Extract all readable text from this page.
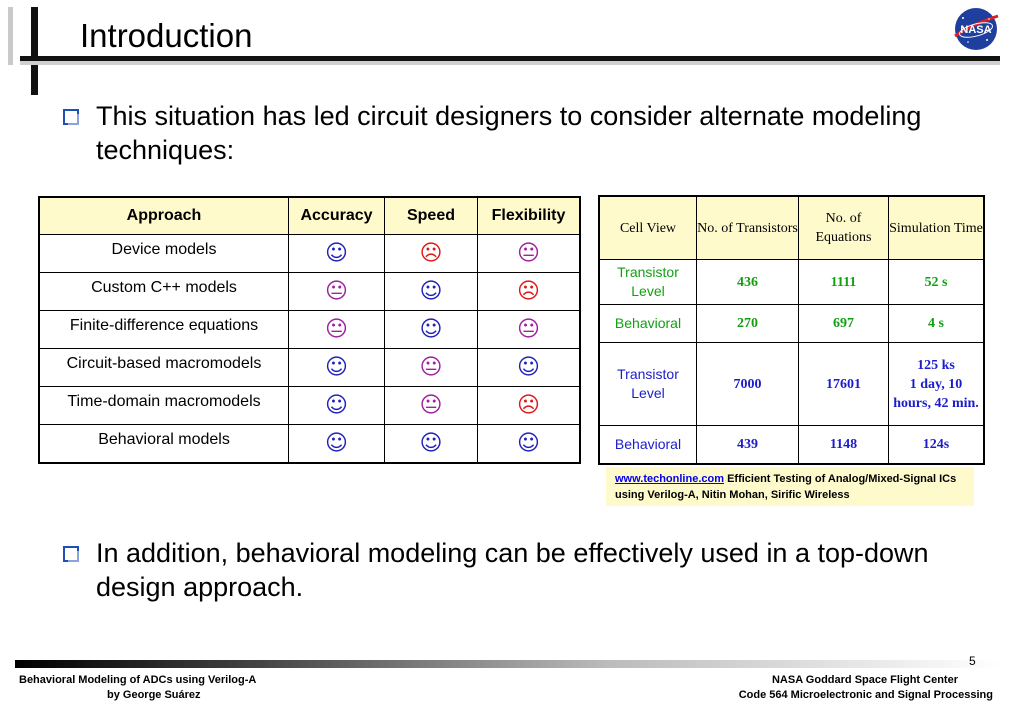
Introduction	NASA
This situation has led circuit designers to consider alternate modeling techniques:
Approach	Accuracy	Speed	Flexibility
Device models	☺	☹	😐
Custom C++ models	😐	☺	☹
Finite-difference equations	😐	☺	😐
Circuit-based macromodels	☺	😐	☺
Time-domain macromodels	☺	😐	☹
Behavioral models	☺	☺	☺
Cell View	No. of Transistors	No. of Equations	Simulation Time
Transistor Level	436	1111	52 s

Behavioral	270	697	4 s

Transistor Level	7000	17601	125 ks
1 day, 10 hours, 42 min.

Behavioral	439	1148	124s
www.techonline.com Efficient Testing of Analog/Mixed-Signal ICs using Verilog-A, Nitin Mohan, Sirific Wireless
In addition, behavioral modeling can be effectively used in a top-down design approach.
5
Behavioral Modeling of ADCs using Verilog-A
by George Suárez
NASA Goddard Space Flight Center
Code 564 Microelectronic and Signal Processing
